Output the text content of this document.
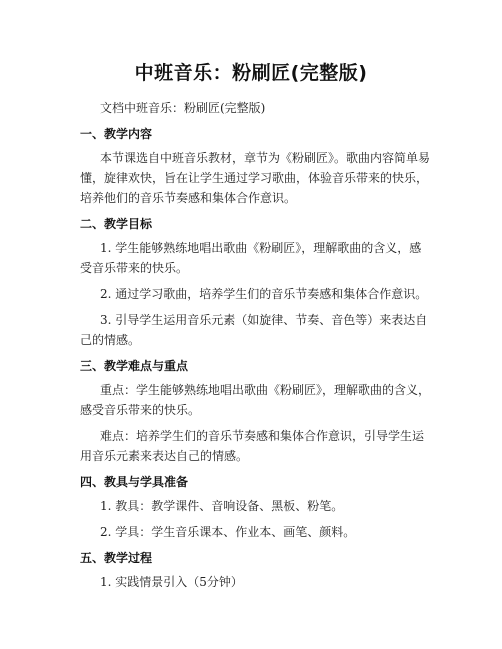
中班音乐：粉刷匠(完整版)

文档中班音乐：粉刷匠(完整版)

一、教学内容

本节课选自中班音乐教材，章节为《粉刷匠》。歌曲内容简单易懂，旋律欢快，旨在让学生通过学习歌曲，体验音乐带来的快乐，培养他们的音乐节奏感和集体合作意识。

二、教学目标

1. 学生能够熟练地唱出歌曲《粉刷匠》，理解歌曲的含义，感受音乐带来的快乐。

2. 通过学习歌曲，培养学生们的音乐节奏感和集体合作意识。

3. 引导学生运用音乐元素（如旋律、节奏、音色等）来表达自己的情感。

三、教学难点与重点

重点：学生能够熟练地唱出歌曲《粉刷匠》，理解歌曲的含义，感受音乐带来的快乐。

难点：培养学生们的音乐节奏感和集体合作意识，引导学生运用音乐元素来表达自己的情感。

四、教具与学具准备

1. 教具：教学课件、音响设备、黑板、粉笔。

2. 学具：学生音乐课本、作业本、画笔、颜料。

五、教学过程

1. 实践情景引入（5分钟）
